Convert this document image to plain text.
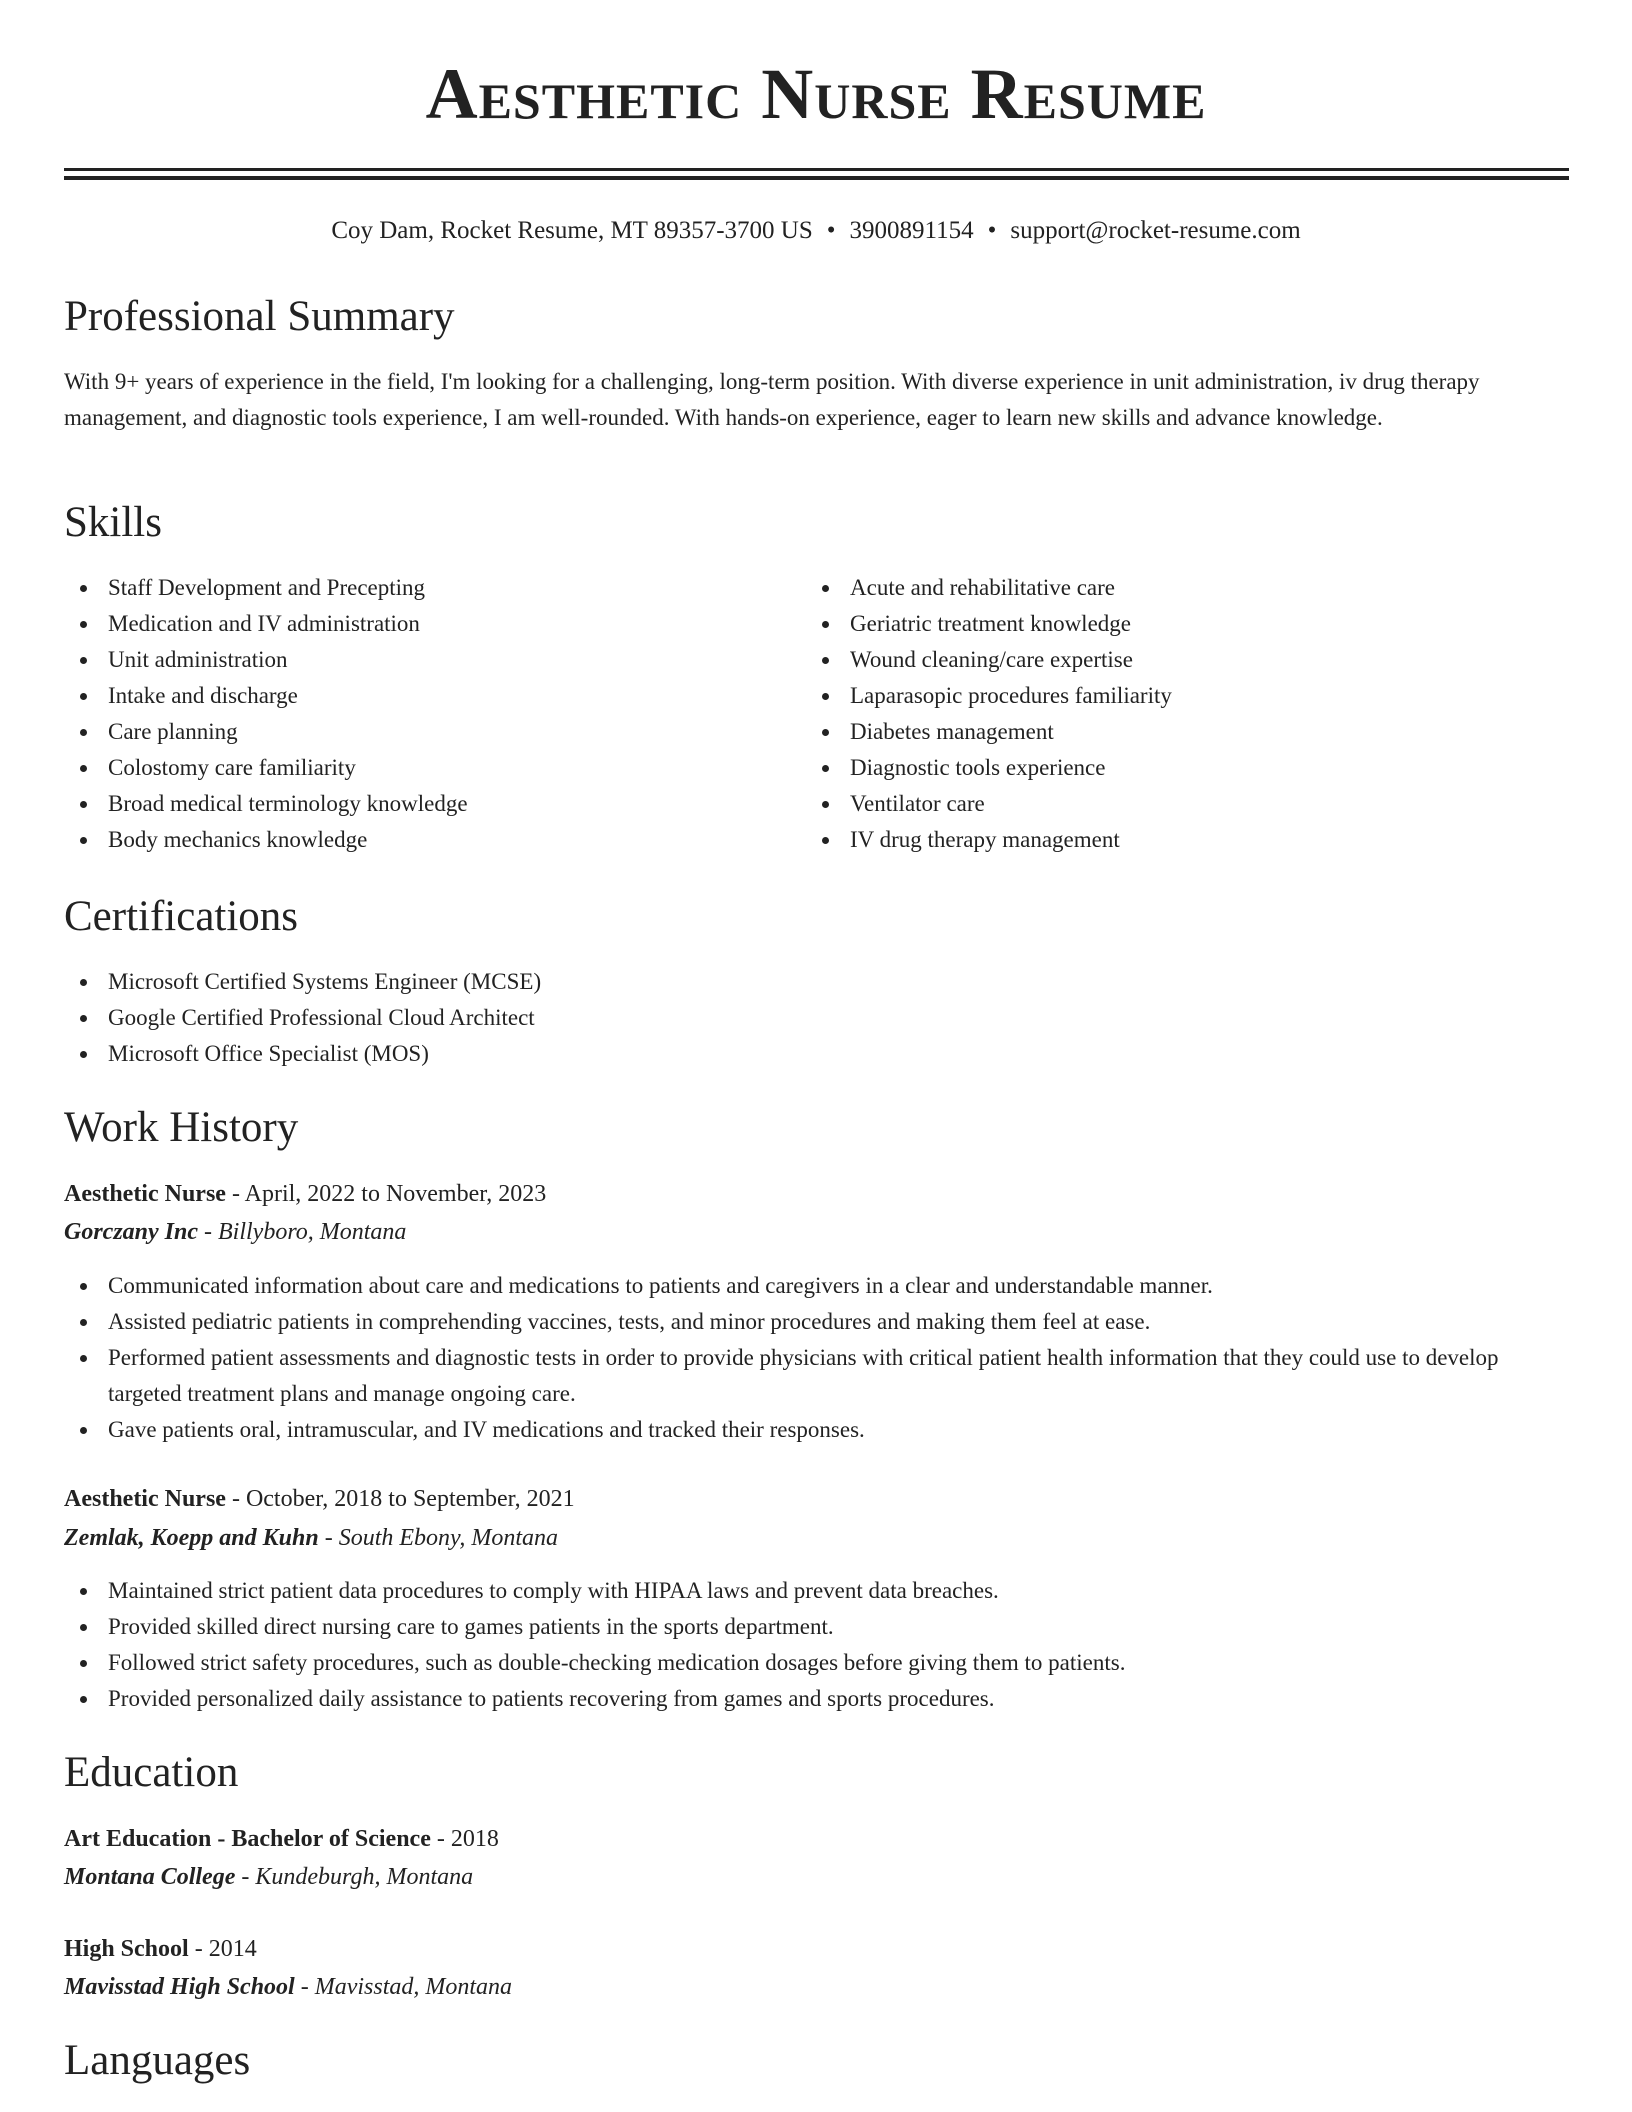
Aesthetic Nurse Resume
Coy Dam, Rocket Resume, MT 89357-3700 US • 3900891154 • support@rocket-resume.com
Professional Summary

With 9+ years of experience in the field, I'm looking for a challenging, long-term position. With diverse experience in unit administration, iv drug therapy management, and diagnostic tools experience, I am well-rounded. With hands-on experience, eager to learn new skills and advance knowledge.

Skills
Staff Development and Precepting
Medication and IV administration
Unit administration
Intake and discharge
Care planning
Colostomy care familiarity
Broad medical terminology knowledge
Body mechanics knowledge
Acute and rehabilitative care
Geriatric treatment knowledge
Wound cleaning/care expertise
Laparasopic procedures familiarity
Diabetes management
Diagnostic tools experience
Ventilator care
IV drug therapy management
Certifications
Microsoft Certified Systems Engineer (MCSE)
Google Certified Professional Cloud Architect
Microsoft Office Specialist (MOS)
Work History
Aesthetic Nurse - April, 2022 to November, 2023
Gorczany Inc - Billyboro, Montana
Communicated information about care and medications to patients and caregivers in a clear and understandable manner.
Assisted pediatric patients in comprehending vaccines, tests, and minor procedures and making them feel at ease.
Performed patient assessments and diagnostic tests in order to provide physicians with critical patient health information that they could use to develop targeted treatment plans and manage ongoing care.
Gave patients oral, intramuscular, and IV medications and tracked their responses.
Aesthetic Nurse - October, 2018 to September, 2021
Zemlak, Koepp and Kuhn - South Ebony, Montana
Maintained strict patient data procedures to comply with HIPAA laws and prevent data breaches.
Provided skilled direct nursing care to games patients in the sports department.
Followed strict safety procedures, such as double-checking medication dosages before giving them to patients.
Provided personalized daily assistance to patients recovering from games and sports procedures.
Education
Art Education - Bachelor of Science - 2018
Montana College - Kundeburgh, Montana
High School - 2014
Mavisstad High School - Mavisstad, Montana
Languages
